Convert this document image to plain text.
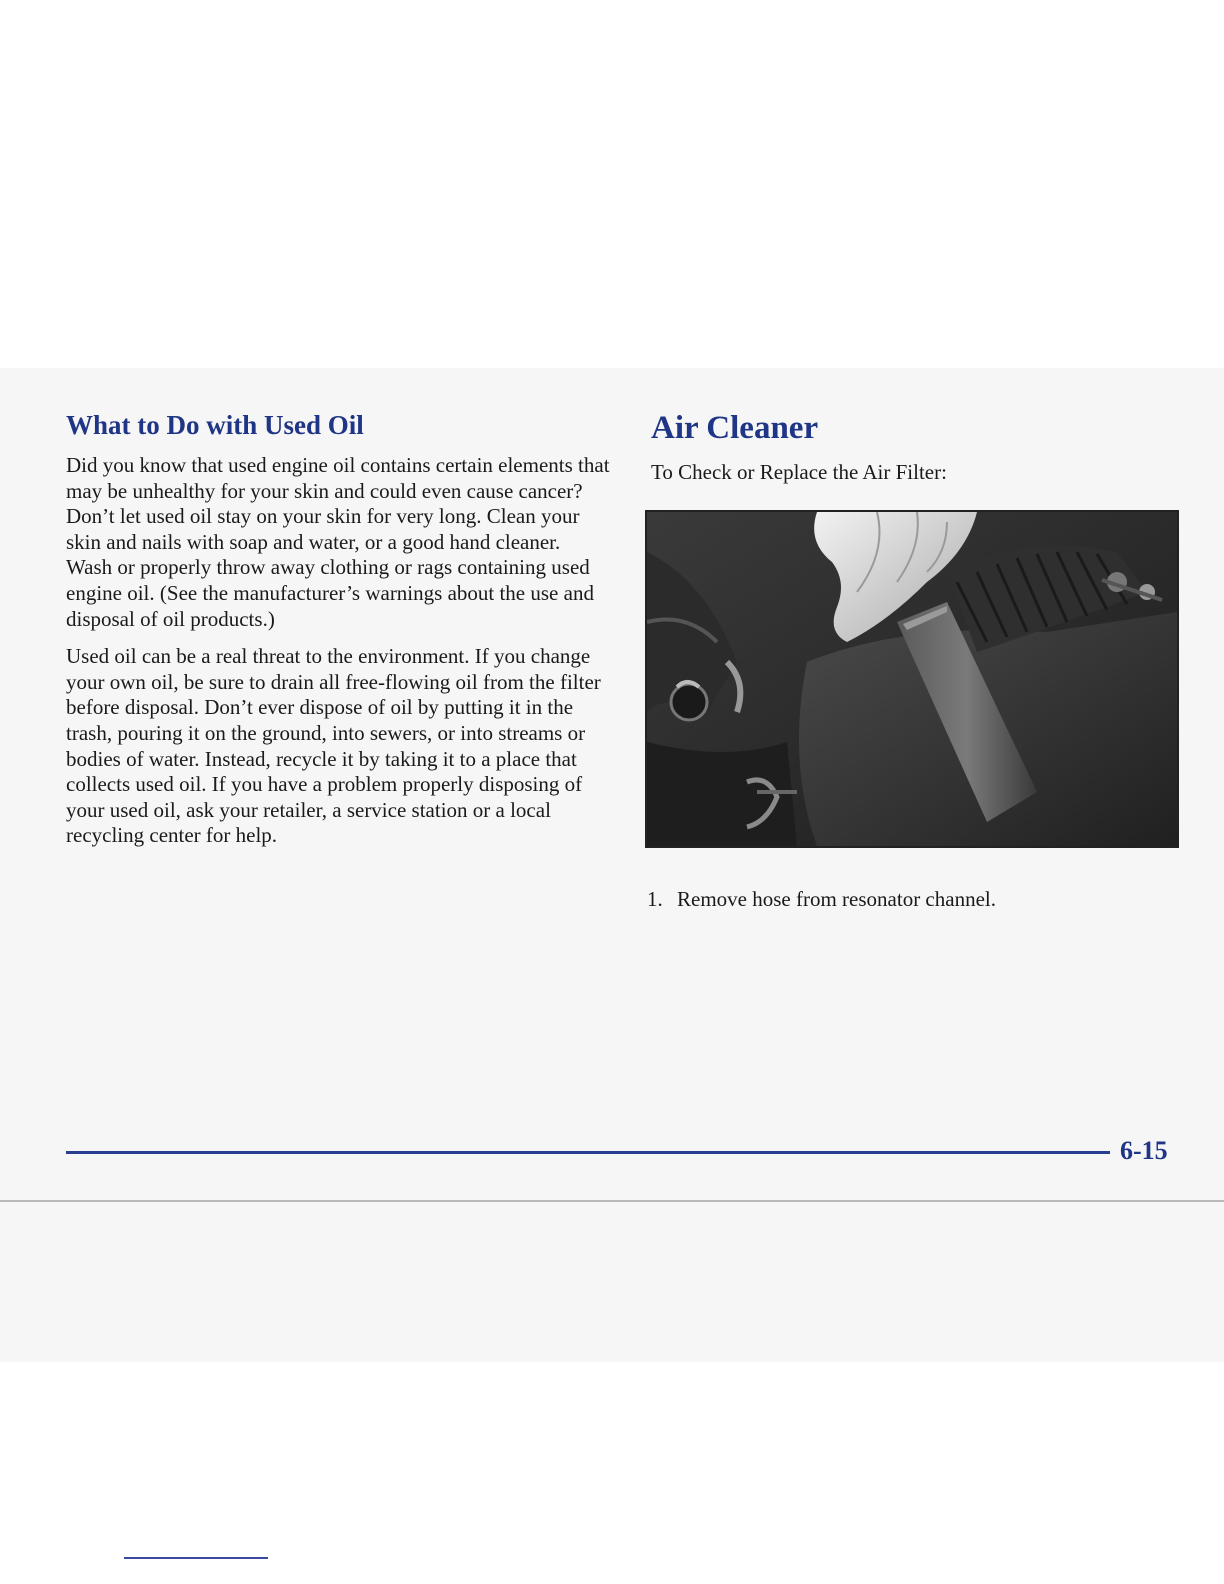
What to Do with Used Oil

Did you know that used engine oil contains certain elements that may be unhealthy for your skin and could even cause cancer? Don’t let used oil stay on your skin for very long. Clean your skin and nails with soap and water, or a good hand cleaner. Wash or properly throw away clothing or rags containing used engine oil. (See the manufacturer’s warnings about the use and disposal of oil products.)

Used oil can be a real threat to the environment. If you change your own oil, be sure to drain all free-flowing oil from the filter before disposal. Don’t ever dispose of oil by putting it in the trash, pouring it on the ground, into sewers, or into streams or bodies of water. Instead, recycle it by taking it to a place that collects used oil. If you have a problem properly disposing of your used oil, ask your retailer, a service station or a local recycling center for help.

Air Cleaner

To Check or Replace the Air Filter:

1. Remove hose from resonator channel.
6-15
